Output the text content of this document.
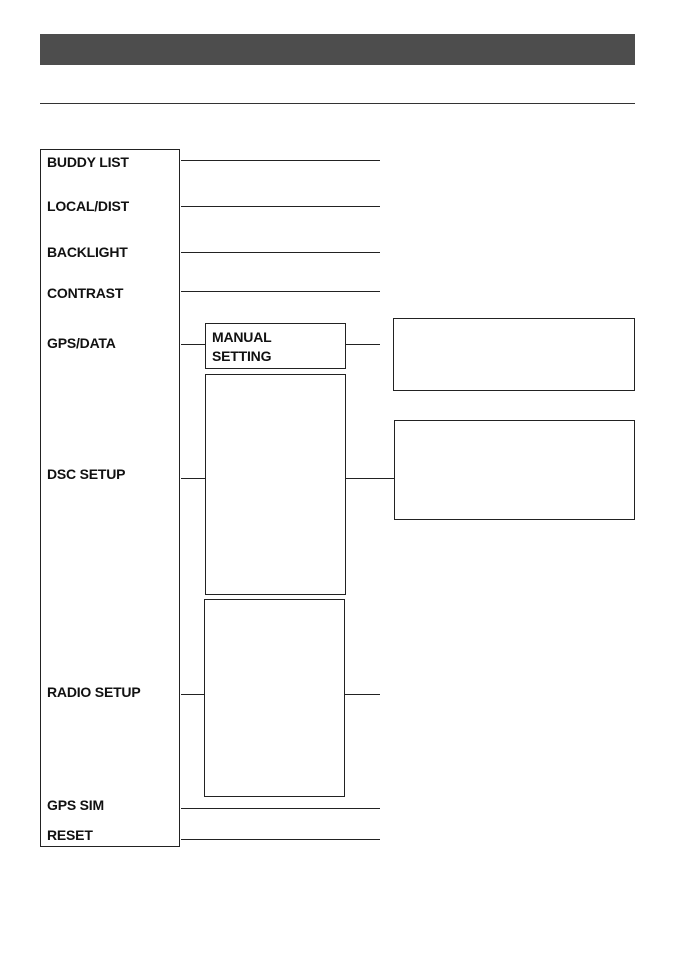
BUDDY LIST
LOCAL/DIST
BACKLIGHT
CONTRAST
GPS/DATA
DSC SETUP
RADIO SETUP
GPS SIM
RESET
MANUAL
SETTING
